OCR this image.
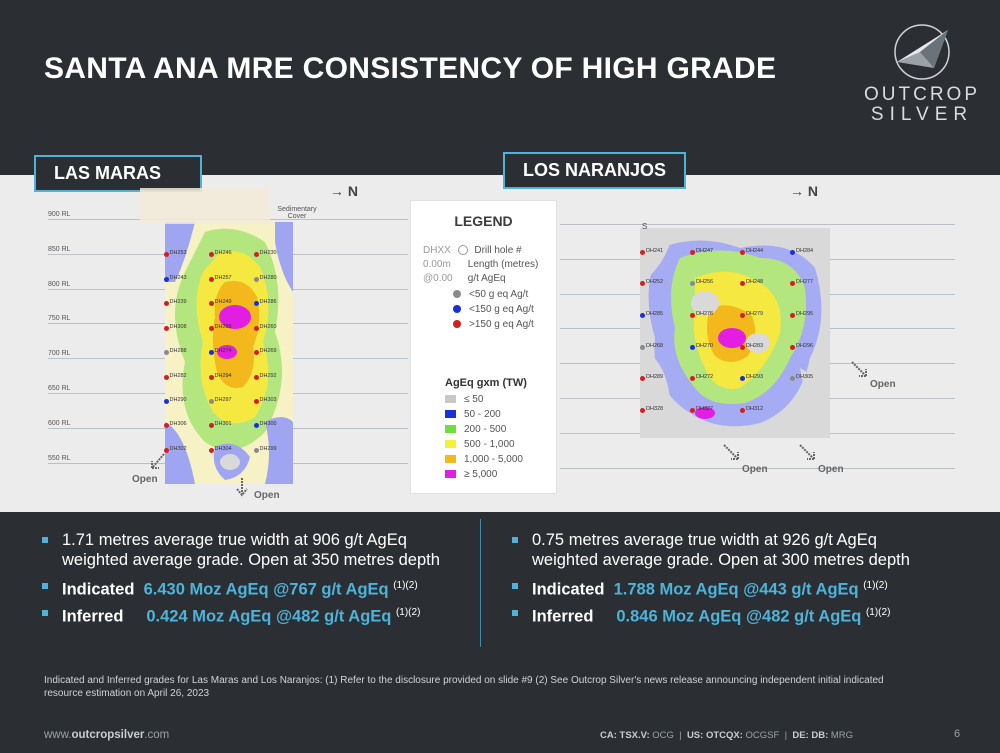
SANTA ANA MRE CONSISTENCY OF HIGH GRADE
OUTCROP
SILVER
LAS MARAS	LOS NARANJOS
900 RL
850 RL
800 RL
750 RL
700 RL
650 RL
600 RL
550 RL
Sedimentary Cover
→ N
DH253	DH246	DH230
DH243	DH257	DH280
DH239	DH249	DH286
DH308	DH265	DH260
DH288	DH274	DH269
DH282	DH294	DH292
DH290	DH297	DH303
DH306	DH301	DH300
DH302	DH304	DH299
Open
Open
LEGEND
DHXX Drill hole #
0.00m Length (metres)
@0.00 g/t AgEq
<50 g eq Ag/t
<150 g eq Ag/t
>150 g eq Ag/t
AgEq gxm (TW)
≤ 50
50 - 200
200 - 500
500 - 1,000
1,000 - 5,000
≥ 5,000
S
→ N
DH241	DH247	DH244	DH284
DH252	DH256	DH248	DH277
DH285	DH276	DH279	DH295
DH268	DH270	DH283	DH296
DH289	DH272	DH293	DH305
DH328	DH327	DH312
Open
Open	Open
1.71 metres average true width at 906 g/t AgEq
weighted average grade. Open at 350 metres depth
Indicated 6.430 Moz AgEq @767 g/t AgEq $^{(1)(2)}$
Inferred 0.424 Moz AgEq @482 g/t AgEq $^{(1)(2)}$
0.75 metres average true width at 926 g/t AgEq
weighted average grade. Open at 300 metres depth
Indicated 1.788 Moz AgEq @443 g/t AgEq $^{(1)(2)}$
Inferred 0.846 Moz AgEq @482 g/t AgEq $^{(1)(2)}$
Indicated and Inferred grades for Las Maras and Los Naranjos: (1) Refer to the disclosure provided on slide #9 (2) See Outcrop Silver's news release announcing independent initial indicated resource estimation on April 26, 2023
www.outcropsilver.com	CA: TSX.V: OCG  |  US: OTCQX: OCGSF  |  DE: DB: MRG	6
